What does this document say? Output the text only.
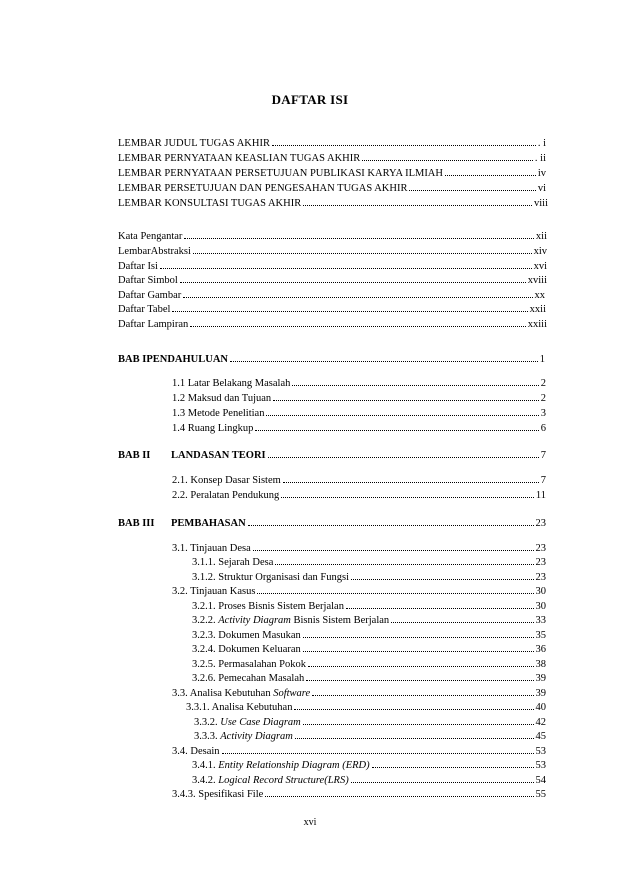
DAFTAR ISI
LEMBAR JUDUL TUGAS AKHIR	. i
LEMBAR PERNYATAAN KEASLIAN TUGAS AKHIR	. ii
LEMBAR PERNYATAAN PERSETUJUAN PUBLIKASI KARYA ILMIAH	iv
LEMBAR PERSETUJUAN DAN PENGESAHAN TUGAS AKHIR	vi
LEMBAR KONSULTASI TUGAS AKHIR	viii
Kata Pengantar	xii
LembarAbstraksi	xiv
Daftar Isi	xvi
Daftar Simbol	xviii
Daftar Gambar	xx
Daftar Tabel	xxii
Daftar Lampiran	xxiii
BAB IPENDAHULUAN	1
1.1 Latar Belakang Masalah	2
1.2 Maksud dan Tujuan	2
1.3 Metode Penelitian	3
1.4 Ruang Lingkup	6
BAB II LANDASAN TEORI	7
2.1. Konsep Dasar Sistem	7
2.2. Peralatan Pendukung	11
BAB III PEMBAHASAN	23
3.1. Tinjauan Desa	23
3.1.1. Sejarah Desa	23
3.1.2. Struktur Organisasi dan Fungsi	23
3.2. Tinjauan Kasus	30
3.2.1. Proses Bisnis Sistem Berjalan	30
3.2.2. Activity Diagram Bisnis Sistem Berjalan	33
3.2.3. Dokumen Masukan	35
3.2.4. Dokumen Keluaran	36
3.2.5. Permasalahan Pokok	38
3.2.6. Pemecahan Masalah	39
3.3. Analisa Kebutuhan Software	39
3.3.1. Analisa Kebutuhan	40
3.3.2. Use Case Diagram	42
3.3.3. Activity Diagram	45
3.4. Desain	53
3.4.1. Entity Relationship Diagram (ERD)	53
3.4.2. Logical Record Structure(LRS)	54
3.4.3. Spesifikasi File	55
xvi
